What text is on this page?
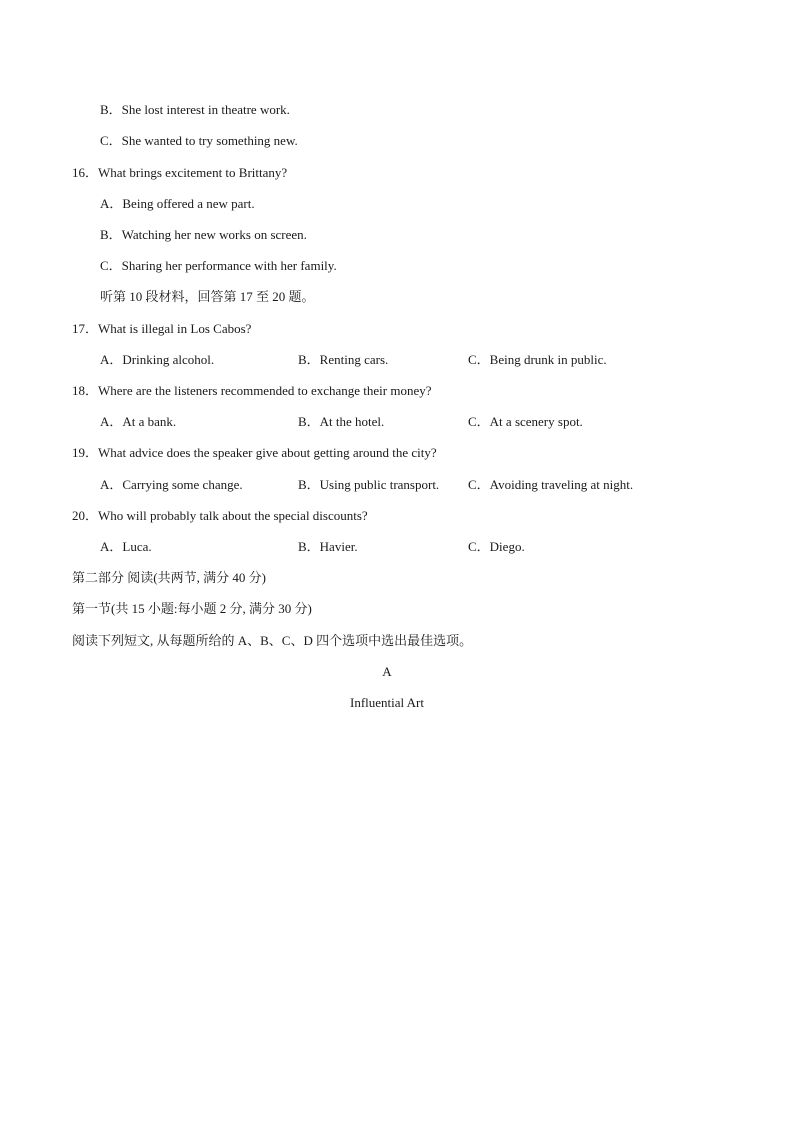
B．She lost interest in theatre work.
C．She wanted to try something new.
16．What brings excitement to Brittany?
A．Being offered a new part.
B．Watching her new works on screen.
C．Sharing her performance with her family.
听第 10 段材料，回答第 17 至 20 题。
17．What is illegal in Los Cabos?
A．Drinking alcohol.	B．Renting cars.	C．Being drunk in public.
18．Where are the listeners recommended to exchange their money?
A．At a bank.	B．At the hotel.	C．At a scenery spot.
19．What advice does the speaker give about getting around the city?
A．Carrying some change.	B．Using public transport. C．Avoiding traveling at night.
20．Who will probably talk about the special discounts?
A．Luca.	B．Havier.	C．Diego.
第二部分 阅读(共两节, 满分 40 分)
第一节(共 15 小题:每小题 2 分, 满分 30 分)
阅读下列短文, 从每题所给的 A、B、C、D 四个选项中选出最佳选项。
A
Influential Art
